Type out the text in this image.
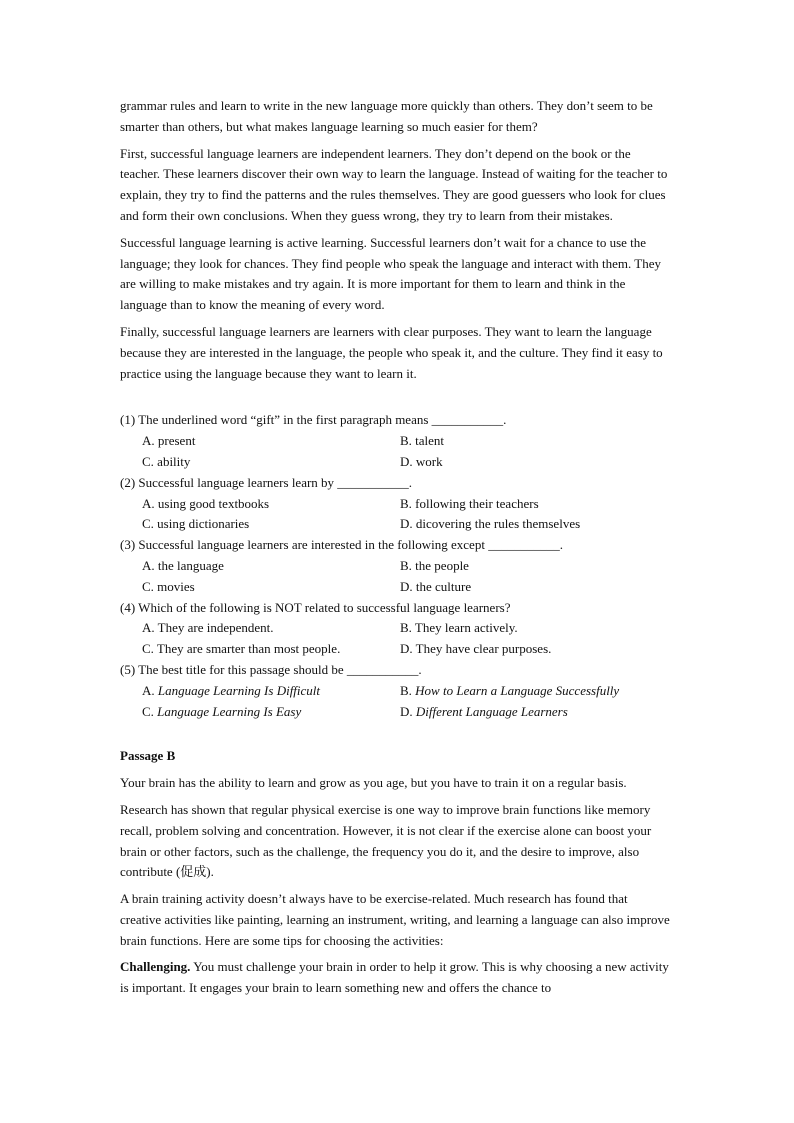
grammar rules and learn to write in the new language more quickly than others. They don’t seem to be smarter than others, but what makes language learning so much easier for them?

First, successful language learners are independent learners. They don’t depend on the book or the teacher. These learners discover their own way to learn the language. Instead of waiting for the teacher to explain, they try to find the patterns and the rules themselves. They are good guessers who look for clues and form their own conclusions. When they guess wrong, they try to learn from their mistakes.

Successful language learning is active learning. Successful learners don’t wait for a chance to use the language; they look for chances. They find people who speak the language and interact with them. They are willing to make mistakes and try again. It is more important for them to learn and think in the language than to know the meaning of every word.

Finally, successful language learners are learners with clear purposes. They want to learn the language because they are interested in the language, the people who speak it, and the culture. They find it easy to practice using the language because they want to learn it.

(1) The underlined word “gift” in the first paragraph means ___________.

A. present	B. talent
C. ability	D. work

(2) Successful language learners learn by ___________.

A. using good textbooks	B. following their teachers
C. using dictionaries	D. dicovering the rules themselves

(3) Successful language learners are interested in the following except ___________.

A. the language	B. the people
C. movies	D. the culture

(4) Which of the following is NOT related to successful language learners?

A. They are independent.	B. They learn actively.
C. They are smarter than most people.	D. They have clear purposes.

(5) The best title for this passage should be ___________.

A. Language Learning Is Difficult	B. How to Learn a Language Successfully
C. Language Learning Is Easy	D. Different Language Learners
Passage B

Your brain has the ability to learn and grow as you age, but you have to train it on a regular basis.

Research has shown that regular physical exercise is one way to improve brain functions like memory recall, problem solving and concentration. However, it is not clear if the exercise alone can boost your brain or other factors, such as the challenge, the frequency you do it, and the desire to improve, also contribute (促成).

A brain training activity doesn’t always have to be exercise-related. Much research has found that creative activities like painting, learning an instrument, writing, and learning a language can also improve brain functions. Here are some tips for choosing the activities:

Challenging. You must challenge your brain in order to help it grow. This is why choosing a new activity is important. It engages your brain to learn something new and offers the chance to
